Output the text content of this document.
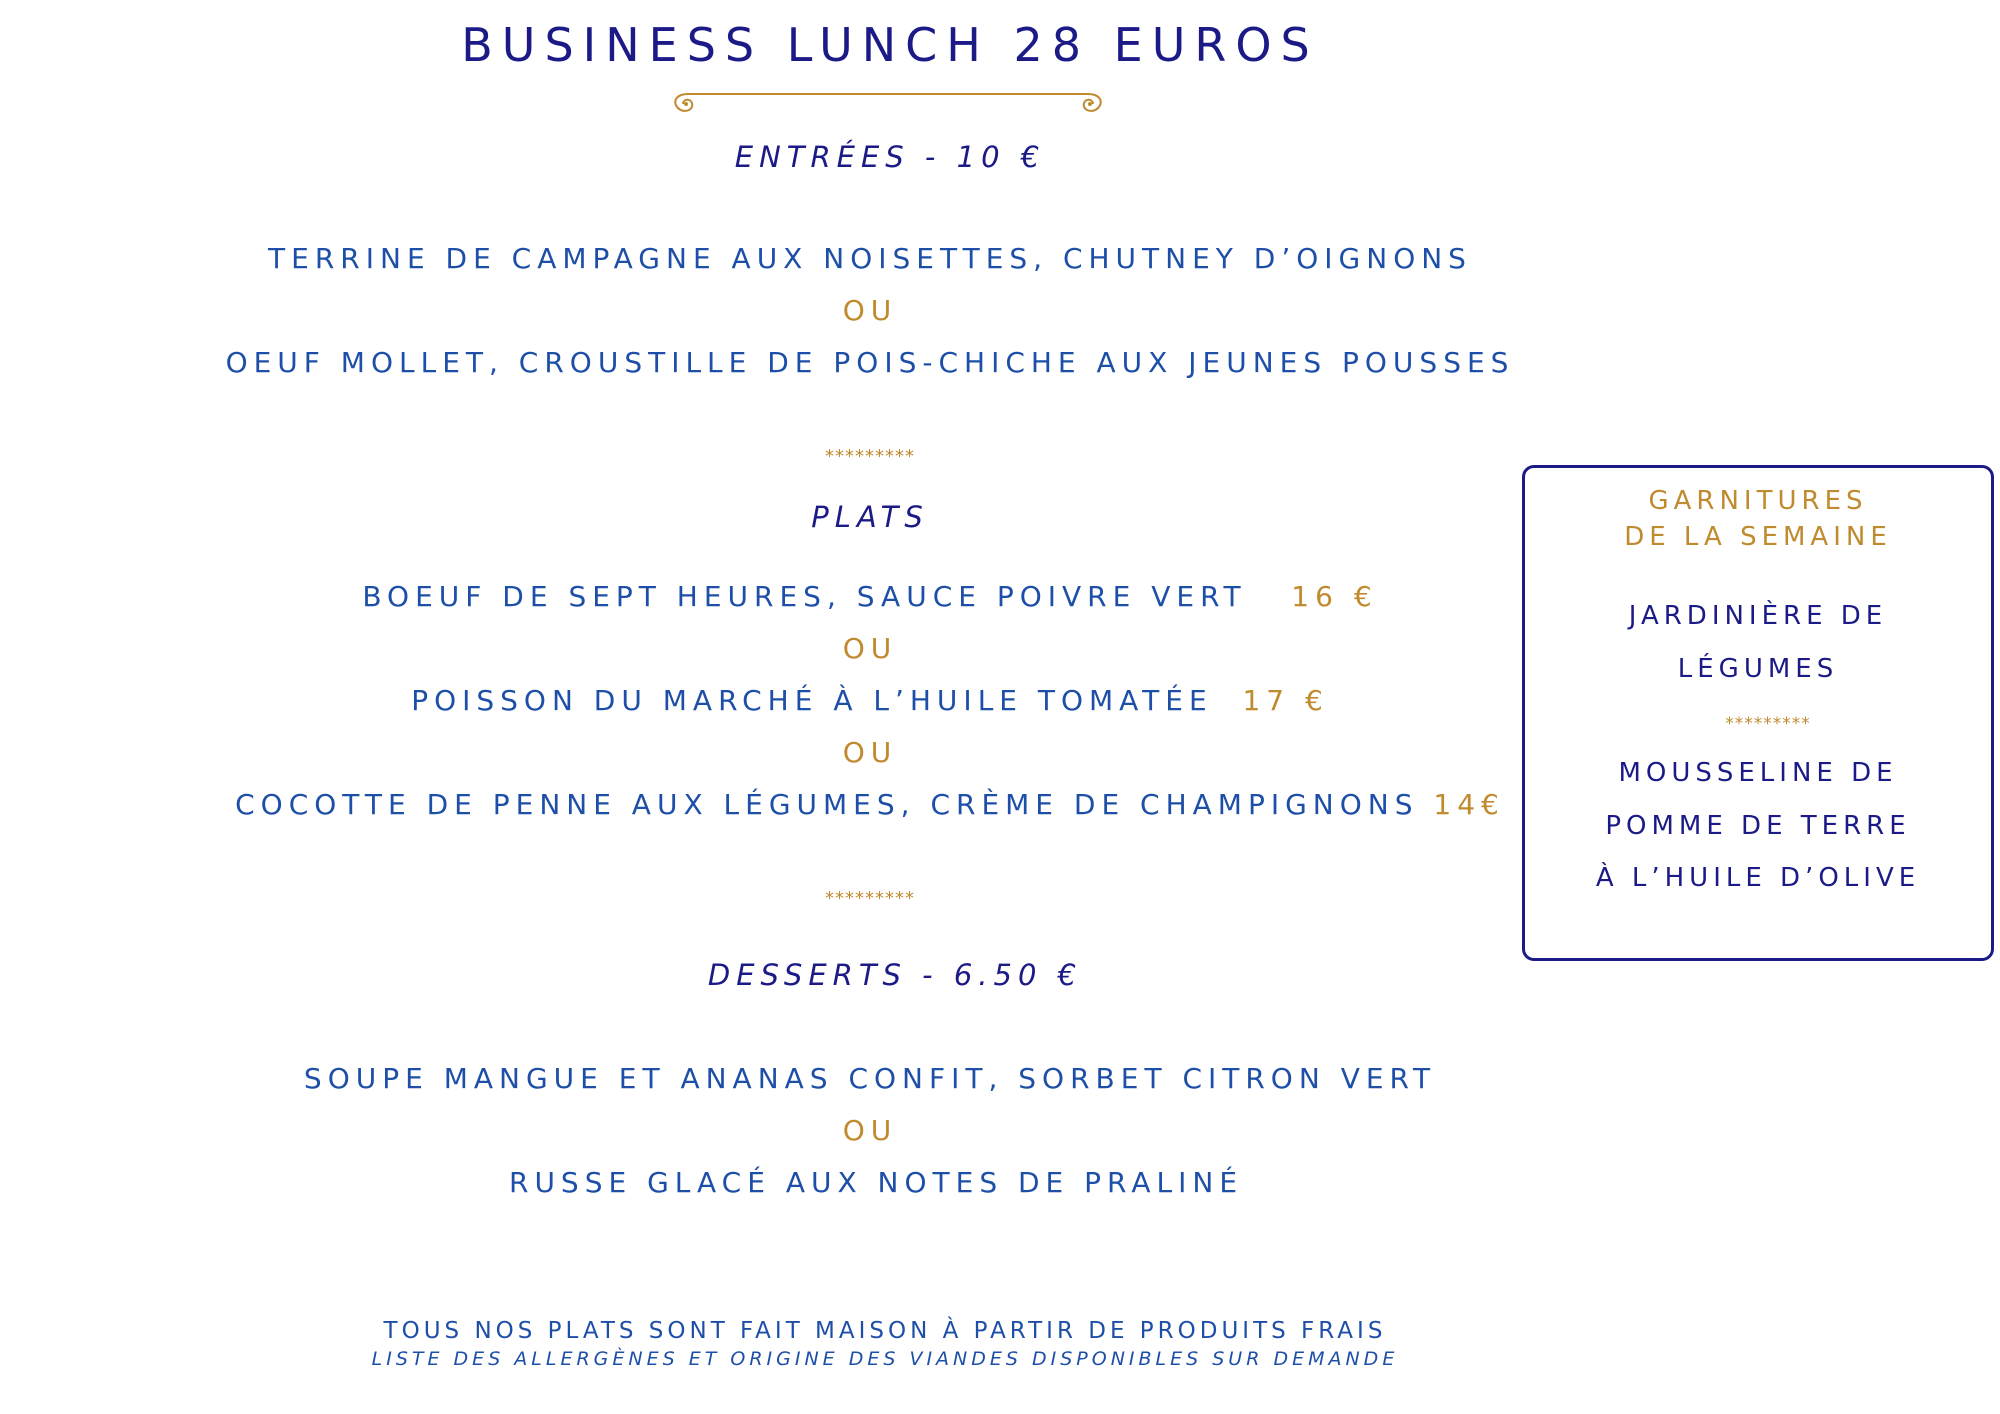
BUSINESS LUNCH 28 EUROS
ENTRÉES - 10 €
TERRINE DE CAMPAGNE AUX NOISETTES, CHUTNEY D’OIGNONS
OU
OEUF MOLLET, CROUSTILLE DE POIS-CHICHE AUX JEUNES POUSSES
*********
PLATS
BOEUF DE SEPT HEURES, SAUCE POIVRE VERT 16 €
OU
POISSON DU MARCHÉ À L’HUILE TOMATÉE 17 €
OU
COCOTTE DE PENNE AUX LÉGUMES, CRÈME DE CHAMPIGNONS 14€
*********
DESSERTS - 6.50 €
SOUPE MANGUE ET ANANAS CONFIT, SORBET CITRON VERT
OU
RUSSE GLACÉ AUX NOTES DE PRALINÉ
GARNITURES
DE LA SEMAINE
JARDINIÈRE DE
LÉGUMES
*********
MOUSSELINE DE
POMME DE TERRE
À L’HUILE D’OLIVE
TOUS NOS PLATS SONT FAIT MAISON À PARTIR DE PRODUITS FRAIS
LISTE DES ALLERGÈNES ET ORIGINE DES VIANDES DISPONIBLES SUR DEMANDE
